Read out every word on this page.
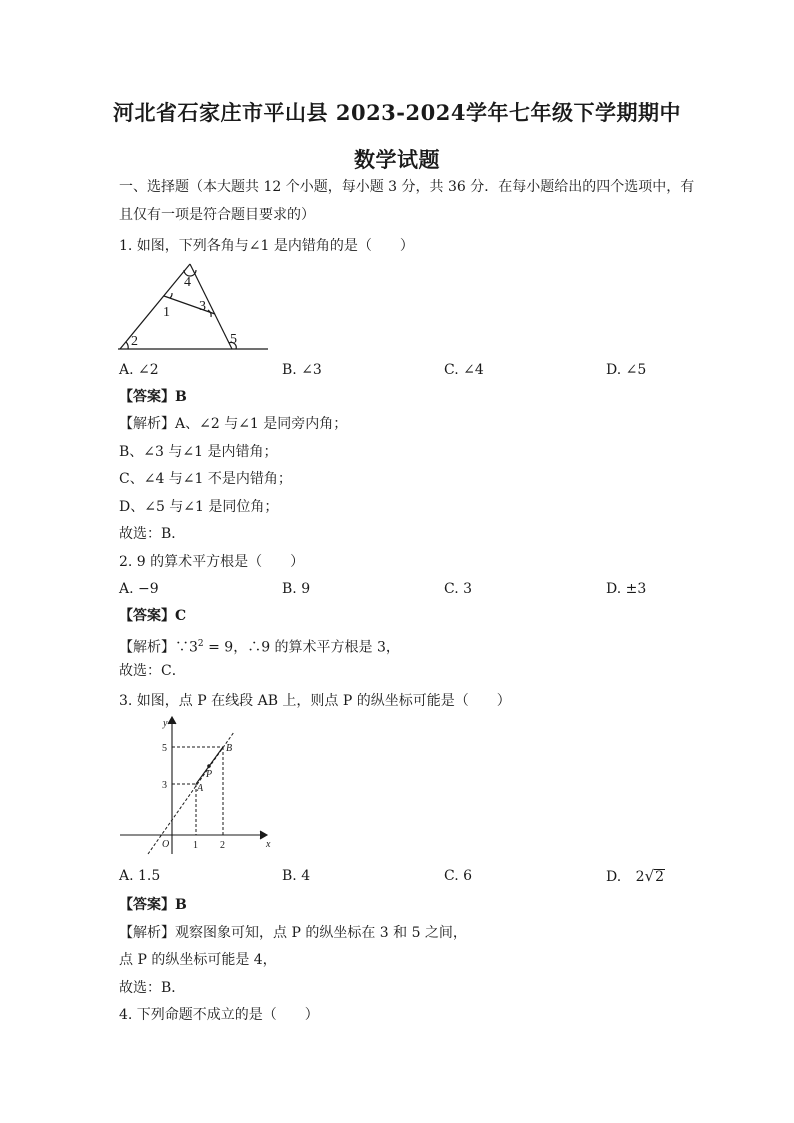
河北省石家庄市平山县 2023-2024学年七年级下学期期中
数学试题
一、选择题（本大题共 12 个小题，每小题 3 分，共 36 分．在每小题给出的四个选项中，有
且仅有一项是符合题目要求的）
1. 如图，下列各角与∠1 是内错角的是（　　）
4
1 3
2	5
A. ∠2	B. ∠3	C. ∠4	D. ∠5
【答案】B
【解析】A、∠2 与∠1 是同旁内角；
B、∠3 与∠1 是内错角；
C、∠4 与∠1 不是内错角；
D、∠5 与∠1 是同位角；
故选：B．
2. 9 的算术平方根是（　　）
A. −9	B. 9	C. 3	D. ±3
【答案】C
【解析】$\because 3^2 = 9$，∴9 的算术平方根是 3，
故选：C．
3. 如图，点 P 在线段 AB 上，则点 P 的纵坐标可能是（　　）
y
x
O
A
B
P
5
3
1 2
A. 1.5	B. 4	C. 6	D. 2√2
【答案】B
【解析】观察图象可知，点 P 的纵坐标在 3 和 5 之间，
点 P 的纵坐标可能是 4，
故选：B．
4. 下列命题不成立的是（　　）
